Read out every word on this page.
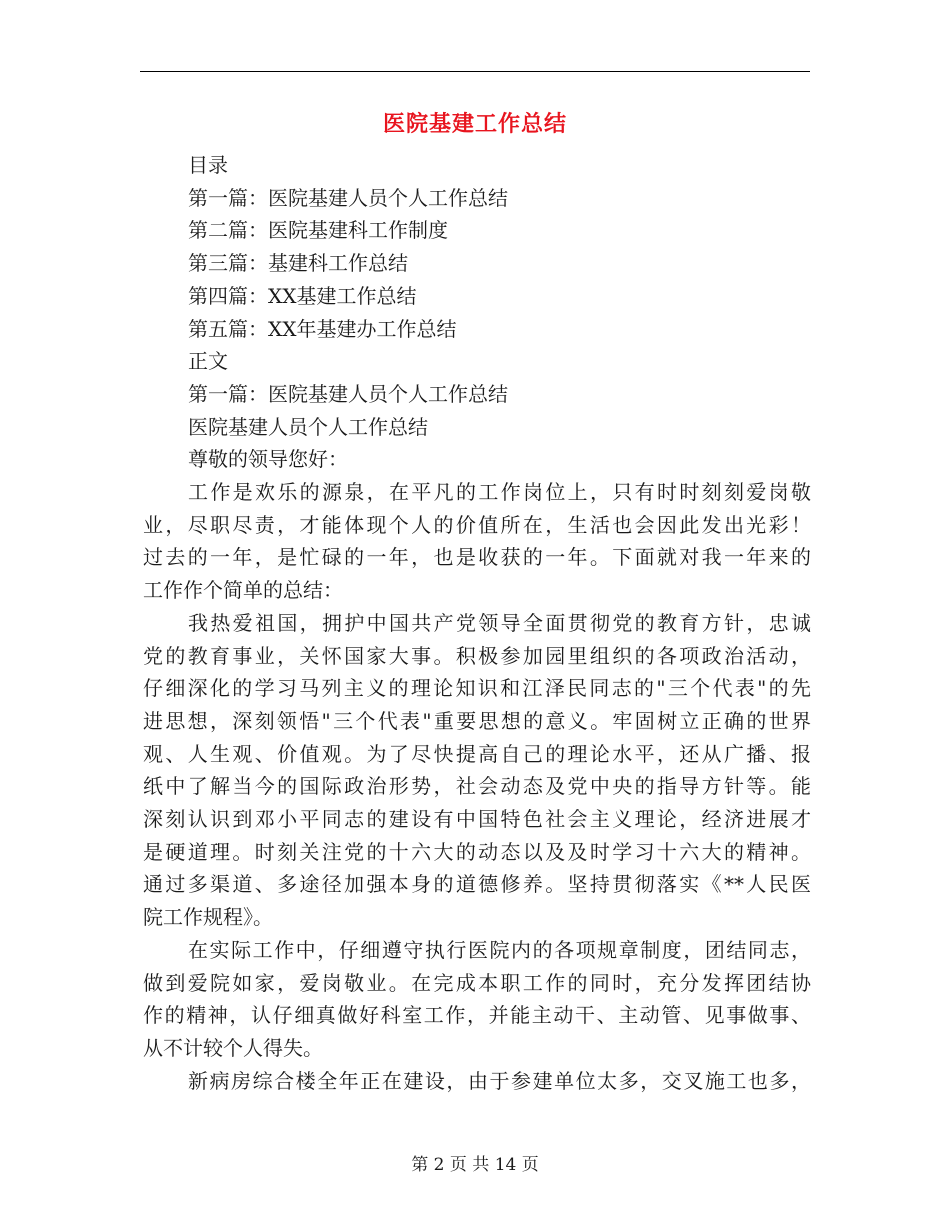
医院基建工作总结
目录
第一篇：医院基建人员个人工作总结
第二篇：医院基建科工作制度
第三篇：基建科工作总结
第四篇：XX基建工作总结
第五篇：XX年基建办工作总结
正文
第一篇：医院基建人员个人工作总结
医院基建人员个人工作总结
尊敬的领导您好：
工作是欢乐的源泉，在平凡的工作岗位上，只有时时刻刻爱岗敬
业，尽职尽责，才能体现个人的价值所在，生活也会因此发出光彩！
过去的一年，是忙碌的一年，也是收获的一年。下面就对我一年来的
工作作个简单的总结：
我热爱祖国，拥护中国共产党领导全面贯彻党的教育方针，忠诚
党的教育事业，关怀国家大事。积极参加园里组织的各项政治活动，
仔细深化的学习马列主义的理论知识和江泽民同志的"三个代表"的先
进思想，深刻领悟"三个代表"重要思想的意义。牢固树立正确的世界
观、人生观、价值观。为了尽快提高自己的理论水平，还从广播、报
纸中了解当今的国际政治形势，社会动态及党中央的指导方针等。能
深刻认识到邓小平同志的建设有中国特色社会主义理论，经济进展才
是硬道理。时刻关注党的十六大的动态以及及时学习十六大的精神。
通过多渠道、多途径加强本身的道德修养。坚持贯彻落实《**人民医
院工作规程》。
在实际工作中，仔细遵守执行医院内的各项规章制度，团结同志，
做到爱院如家，爱岗敬业。在完成本职工作的同时，充分发挥团结协
作的精神，认仔细真做好科室工作，并能主动干、主动管、见事做事、
从不计较个人得失。
新病房综合楼全年正在建设，由于参建单位太多，交叉施工也多，
第 2 页 共 14 页
